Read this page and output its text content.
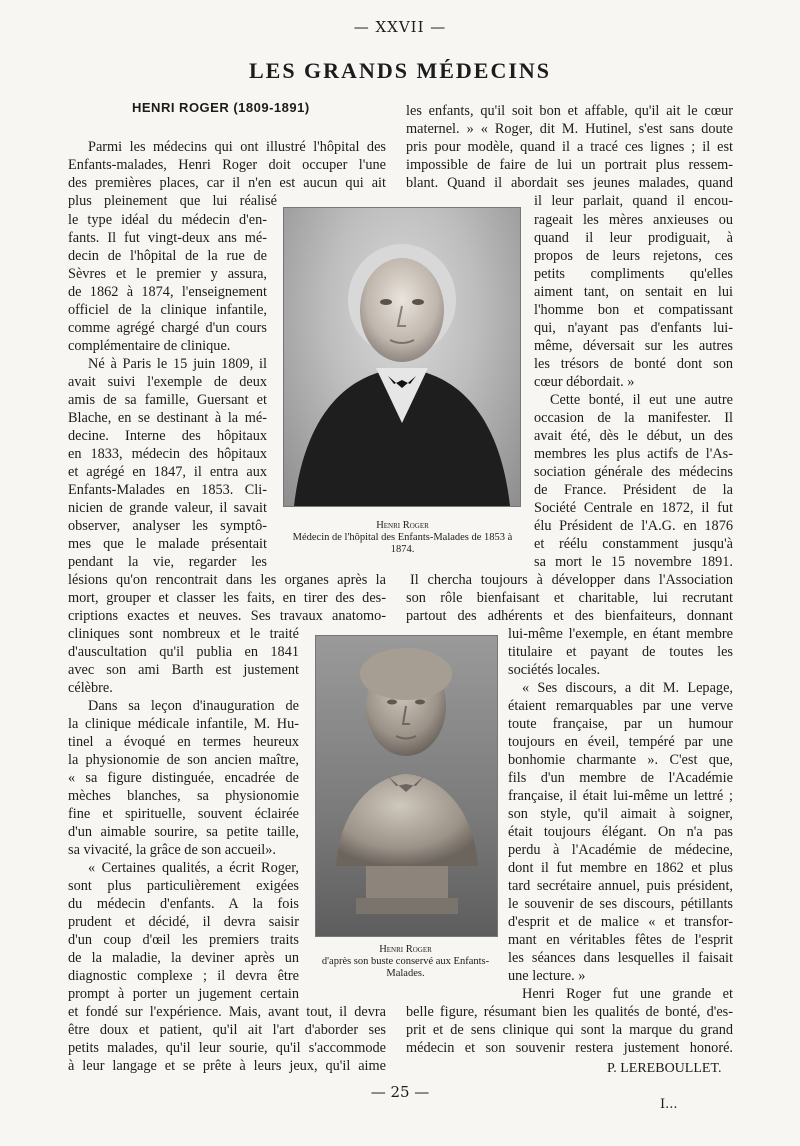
— XXVII —
LES GRANDS MÉDECINS
HENRI ROGER (1809-1891)
Ph. H. A. Gerschel.
Henri Roger
Médecin de l'hôpital des Enfants-Malades de 1853 à 1874.
Henri Roger
d'après son buste conservé aux Enfants-Malades.
Parmi les médecins qui ont illustré l'hôpital des
Enfants-malades, Henri Roger doit occuper l'une
des premières places, car il n'en est aucun qui ait
plus pleinement que lui réalisé
le type idéal du médecin d'en-
fants. Il fut vingt-deux ans mé-
decin de l'hôpital de la rue de
Sèvres et le premier y assura,
de 1862 à 1874, l'enseignement
officiel de la clinique infantile,
comme agrégé chargé d'un cours
complémentaire de clinique.
Né à Paris le 15 juin 1809, il
avait suivi l'exemple de deux
amis de sa famille, Guersant et
Blache, en se destinant à la mé-
decine. Interne des hôpitaux
en 1833, médecin des hôpitaux
et agrégé en 1847, il entra aux
Enfants-Malades en 1853. Cli-
nicien de grande valeur, il savait
observer, analyser les symptô-
mes que le malade présentait
pendant la vie, regarder les
lésions qu'on rencontrait dans les organes après la
mort, grouper et classer les faits, en tirer des des-
criptions exactes et neuves. Ses travaux anatomo-
cliniques sont nombreux et le traité
d'auscultation qu'il publia en 1841
avec son ami Barth est justement
célèbre.
Dans sa leçon d'inauguration de
la clinique médicale infantile, M. Hu-
tinel a évoqué en termes heureux
la physionomie de son ancien maître,
« sa figure distinguée, encadrée de
mèches blanches, sa physionomie
fine et spirituelle, souvent éclairée
d'un aimable sourire, sa petite taille,
sa vivacité, la grâce de son accueil».
« Certaines qualités, a écrit Roger,
sont plus particulièrement exigées
du médecin d'enfants. A la fois
prudent et décidé, il devra saisir
d'un coup d'œil les premiers traits
de la maladie, la deviner après un
diagnostic complexe ; il devra être
prompt à porter un jugement certain
et fondé sur l'expérience. Mais, avant tout, il devra
être doux et patient, qu'il ait l'art d'aborder ses
petits malades, qu'il leur sourie, qu'il s'accommode
à leur langage et se prête à leurs jeux, qu'il aime
les enfants, qu'il soit bon et affable, qu'il ait le cœur
maternel. » « Roger, dit M. Hutinel, s'est sans doute
pris pour modèle, quand il a tracé ces lignes ; il est
impossible de faire de lui un portrait plus ressem-
blant. Quand il abordait ses jeunes malades, quand
il leur parlait, quand il encou-
rageait les mères anxieuses ou
quand il leur prodiguait, à
propos de leurs rejetons, ces
petits compliments qu'elles
aiment tant, on sentait en lui
l'homme bon et compatissant
qui, n'ayant pas d'enfants lui-
même, déversait sur les autres
les trésors de bonté dont son
cœur débordait. »
Cette bonté, il eut une autre
occasion de la manifester. Il
avait été, dès le début, un des
membres les plus actifs de l'As-
sociation générale des médecins
de France. Président de la
Société Centrale en 1872, il fut
élu Président de l'A.G. en 1876
et réélu constamment jusqu'à
sa mort le 15 novembre 1891.
Il chercha toujours à développer dans l'Association
son rôle bienfaisant et charitable, lui recrutant
partout des adhérents et des bienfaiteurs, donnant
lui-même l'exemple, en étant membre
titulaire et payant de toutes les
sociétés locales.
« Ses discours, a dit M. Lepage,
étaient remarquables par une verve
toute française, par un humour
toujours en éveil, tempéré par une
bonhomie charmante ». C'est que,
fils d'un membre de l'Académie
française, il était lui-même un lettré ;
son style, qu'il aimait à soigner,
était toujours élégant. On n'a pas
perdu à l'Académie de médecine,
dont il fut membre en 1862 et plus
tard secrétaire annuel, puis président,
le souvenir de ses discours, pétillants
d'esprit et de malice « et transfor-
mant en véritables fêtes de l'esprit
les séances dans lesquelles il faisait
une lecture. »
Henri Roger fut une grande et
belle figure, résumant bien les qualités de bonté, d'es-
prit et de sens clinique qui sont la marque du grand
médecin et son souvenir restera justement honoré.
P. LEREBOULLET.
— 25 —
I...
